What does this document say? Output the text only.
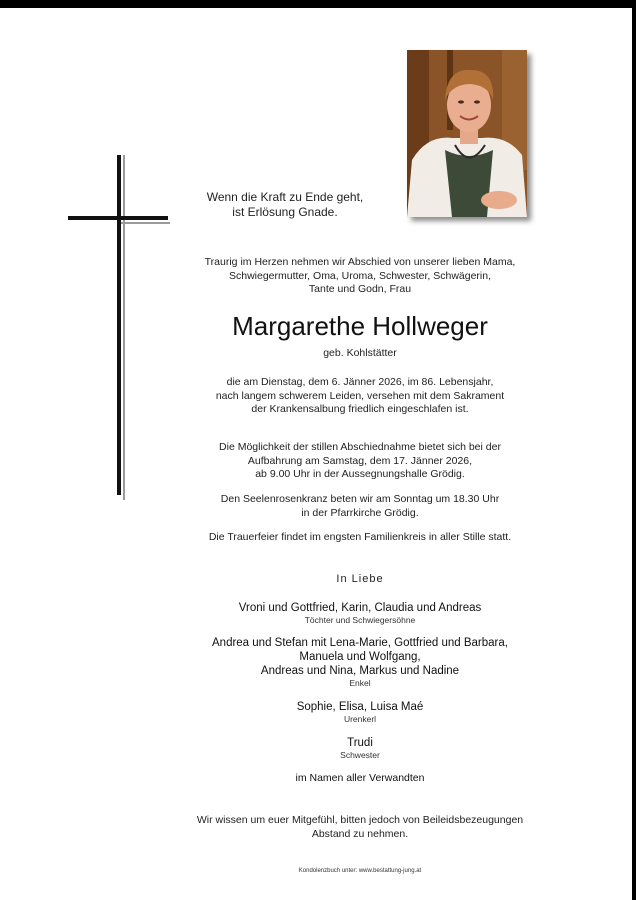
Wenn die Kraft zu Ende geht,
ist Erlösung Gnade.
Traurig im Herzen nehmen wir Abschied von unserer lieben Mama,
Schwiegermutter, Oma, Uroma, Schwester, Schwägerin,
Tante und Godn, Frau
Margarethe Hollweger
geb. Kohlstätter
die am Dienstag, dem 6. Jänner 2026, im 86. Lebensjahr,
nach langem schwerem Leiden, versehen mit dem Sakrament
der Krankensalbung friedlich eingeschlafen ist.
Die Möglichkeit der stillen Abschiednahme bietet sich bei der
Aufbahrung am Samstag, dem 17. Jänner 2026,
ab 9.00 Uhr in der Aussegnungshalle Grödig.
Den Seelenrosenkranz beten wir am Sonntag um 18.30 Uhr
in der Pfarrkirche Grödig.
Die Trauerfeier findet im engsten Familienkreis in aller Stille statt.
In Liebe
Vroni und Gottfried, Karin, Claudia und Andreas
Töchter und Schwiegersöhne
Andrea und Stefan mit Lena-Marie, Gottfried und Barbara,
Manuela und Wolfgang,
Andreas und Nina, Markus und Nadine
Enkel
Sophie, Elisa, Luisa Maé
Urenkerl
Trudi
Schwester
im Namen aller Verwandten
Wir wissen um euer Mitgefühl, bitten jedoch von Beileidsbezeugungen
Abstand zu nehmen.
Kondolenzbuch unter: www.bestattung-jung.at
